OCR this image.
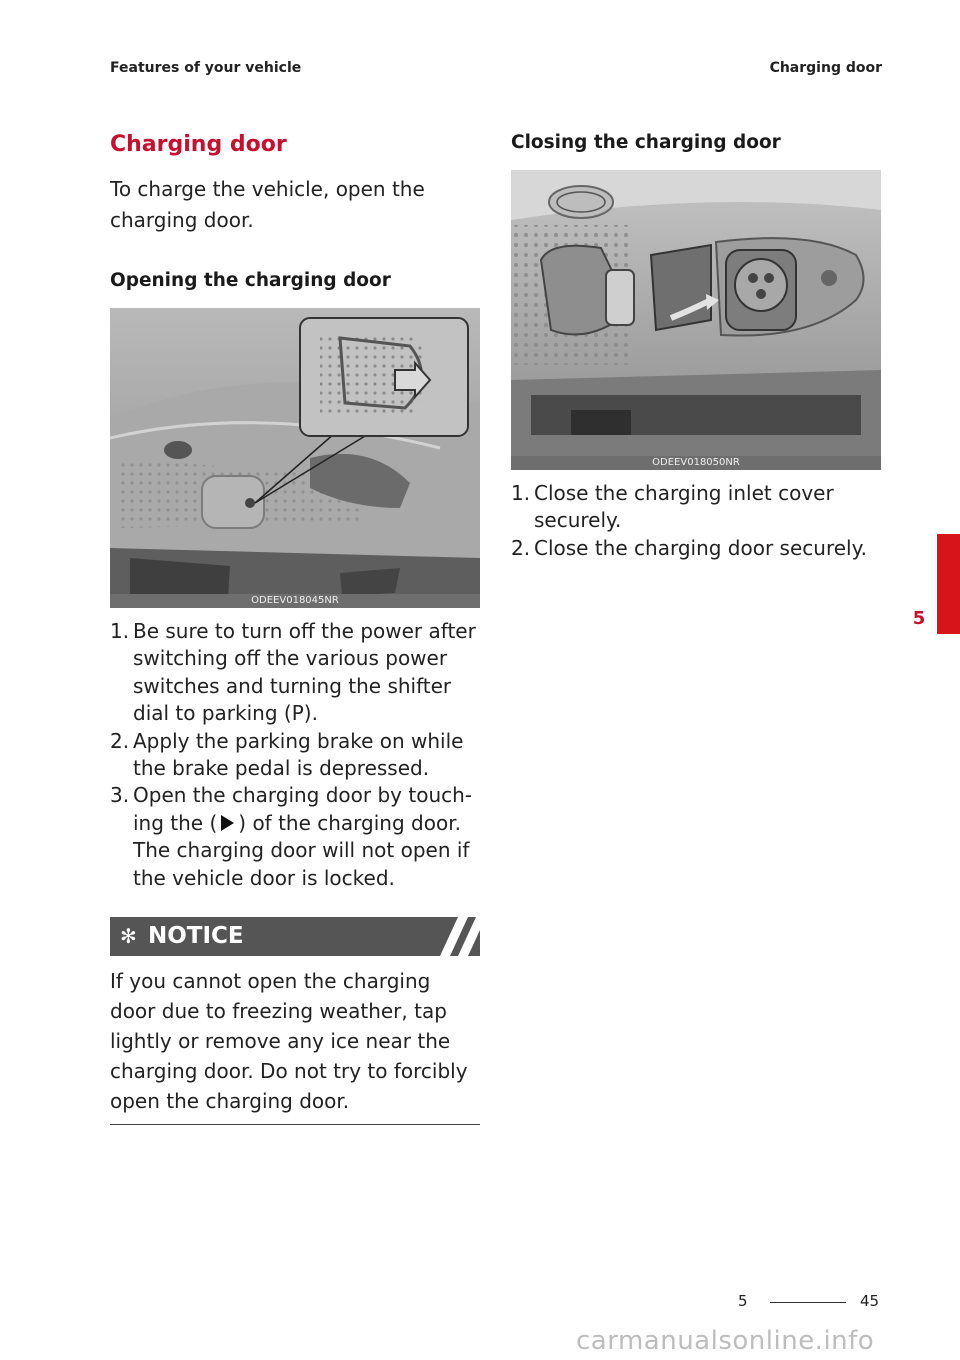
Features of your vehicle	Charging door
Charging door
To charge the vehicle, open the charging door.
Opening the charging door
ODEEV018045NR
1. Be sure to turn off the power after switching off the various power switches and turning the shifter dial to parking (P).
2. Apply the parking brake on while the brake pedal is depressed.
3. Open the charging door by touch-ing the ( ) of the charging door. The charging door will not open if the vehicle door is locked.
✻ NOTICE
If you cannot open the charging door due to freezing weather, tap lightly or remove any ice near the charging door. Do not try to forcibly open the charging door.
Closing the charging door
ODEEV018050NR
1. Close the charging inlet cover securely.
2. Close the charging door securely.
5
5	45
carmanualsonline.info
